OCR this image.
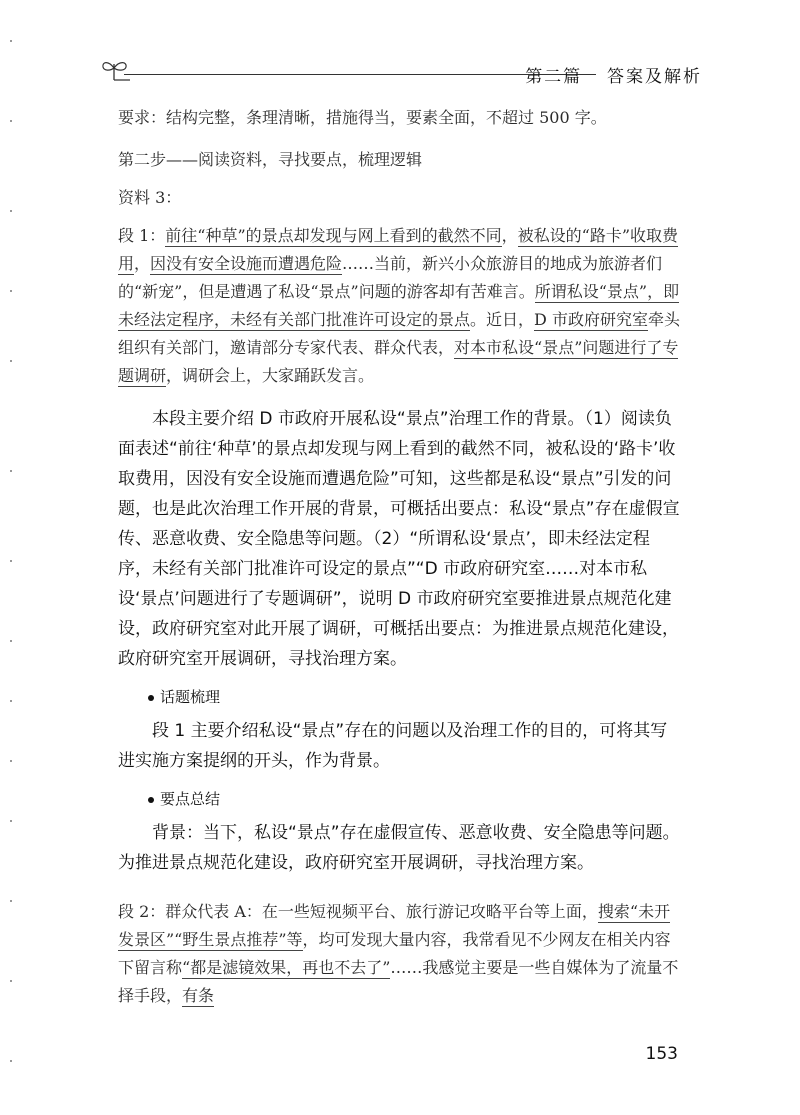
第二篇 答案及解析

要求：结构完整，条理清晰，措施得当，要素全面，不超过 500 字。

第二步——阅读资料，寻找要点，梳理逻辑

资料 3：

段 1：前往“种草”的景点却发现与网上看到的截然不同，被私设的“路卡”收取费用，因没有安全设施而遭遇危险……当前，新兴小众旅游目的地成为旅游者们的“新宠”，但是遭遇了私设“景点”问题的游客却有苦难言。所谓私设“景点”，即未经法定程序，未经有关部门批准许可设定的景点。近日，D 市政府研究室牵头组织有关部门，邀请部分专家代表、群众代表，对本市私设“景点”问题进行了专题调研，调研会上，大家踊跃发言。

本段主要介绍 D 市政府开展私设“景点”治理工作的背景。（1）阅读负面表述“前往‘种草’的景点却发现与网上看到的截然不同，被私设的‘路卡’收取费用，因没有安全设施而遭遇危险”可知，这些都是私设“景点”引发的问题，也是此次治理工作开展的背景，可概括出要点：私设“景点”存在虚假宣传、恶意收费、安全隐患等问题。（2）“所谓私设‘景点’，即未经法定程序，未经有关部门批准许可设定的景点”“D 市政府研究室……对本市私设‘景点’问题进行了专题调研”，说明 D 市政府研究室要推进景点规范化建设，政府研究室对此开展了调研，可概括出要点：为推进景点规范化建设，政府研究室开展调研，寻找治理方案。

话题梳理

段 1 主要介绍私设“景点”存在的问题以及治理工作的目的，可将其写进实施方案提纲的开头，作为背景。

要点总结

背景：当下，私设“景点”存在虚假宣传、恶意收费、安全隐患等问题。为推进景点规范化建设，政府研究室开展调研，寻找治理方案。

段 2：群众代表 A：在一些短视频平台、旅行游记攻略平台等上面，搜索“未开发景区”“野生景点推荐”等，均可发现大量内容，我常看见不少网友在相关内容下留言称“都是滤镜效果，再也不去了”……我感觉主要是一些自媒体为了流量不择手段，有条

153
